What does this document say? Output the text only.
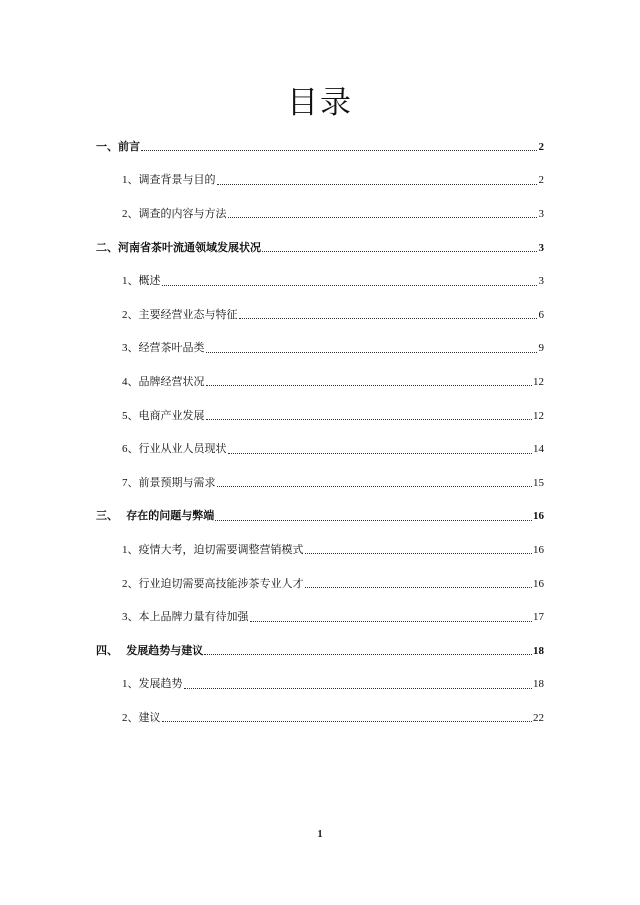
目录
一、前言	2
1、调查背景与目的	2
2、调查的内容与方法	3
二、河南省茶叶流通领域发展状况	3
1、概述	3
2、主要经营业态与特征	6
3、经营茶叶品类	9
4、品牌经营状况	12
5、电商产业发展	12
6、行业从业人员现状	14
7、前景预期与需求	15
三、   存在的问题与弊端	16
1、疫情大考，迫切需要调整营销模式	16
2、行业迫切需要高技能涉茶专业人才	16
3、本上品牌力量有待加强	17
四、   发展趋势与建议	18
1、发展趋势	18
2、建议	22
1
